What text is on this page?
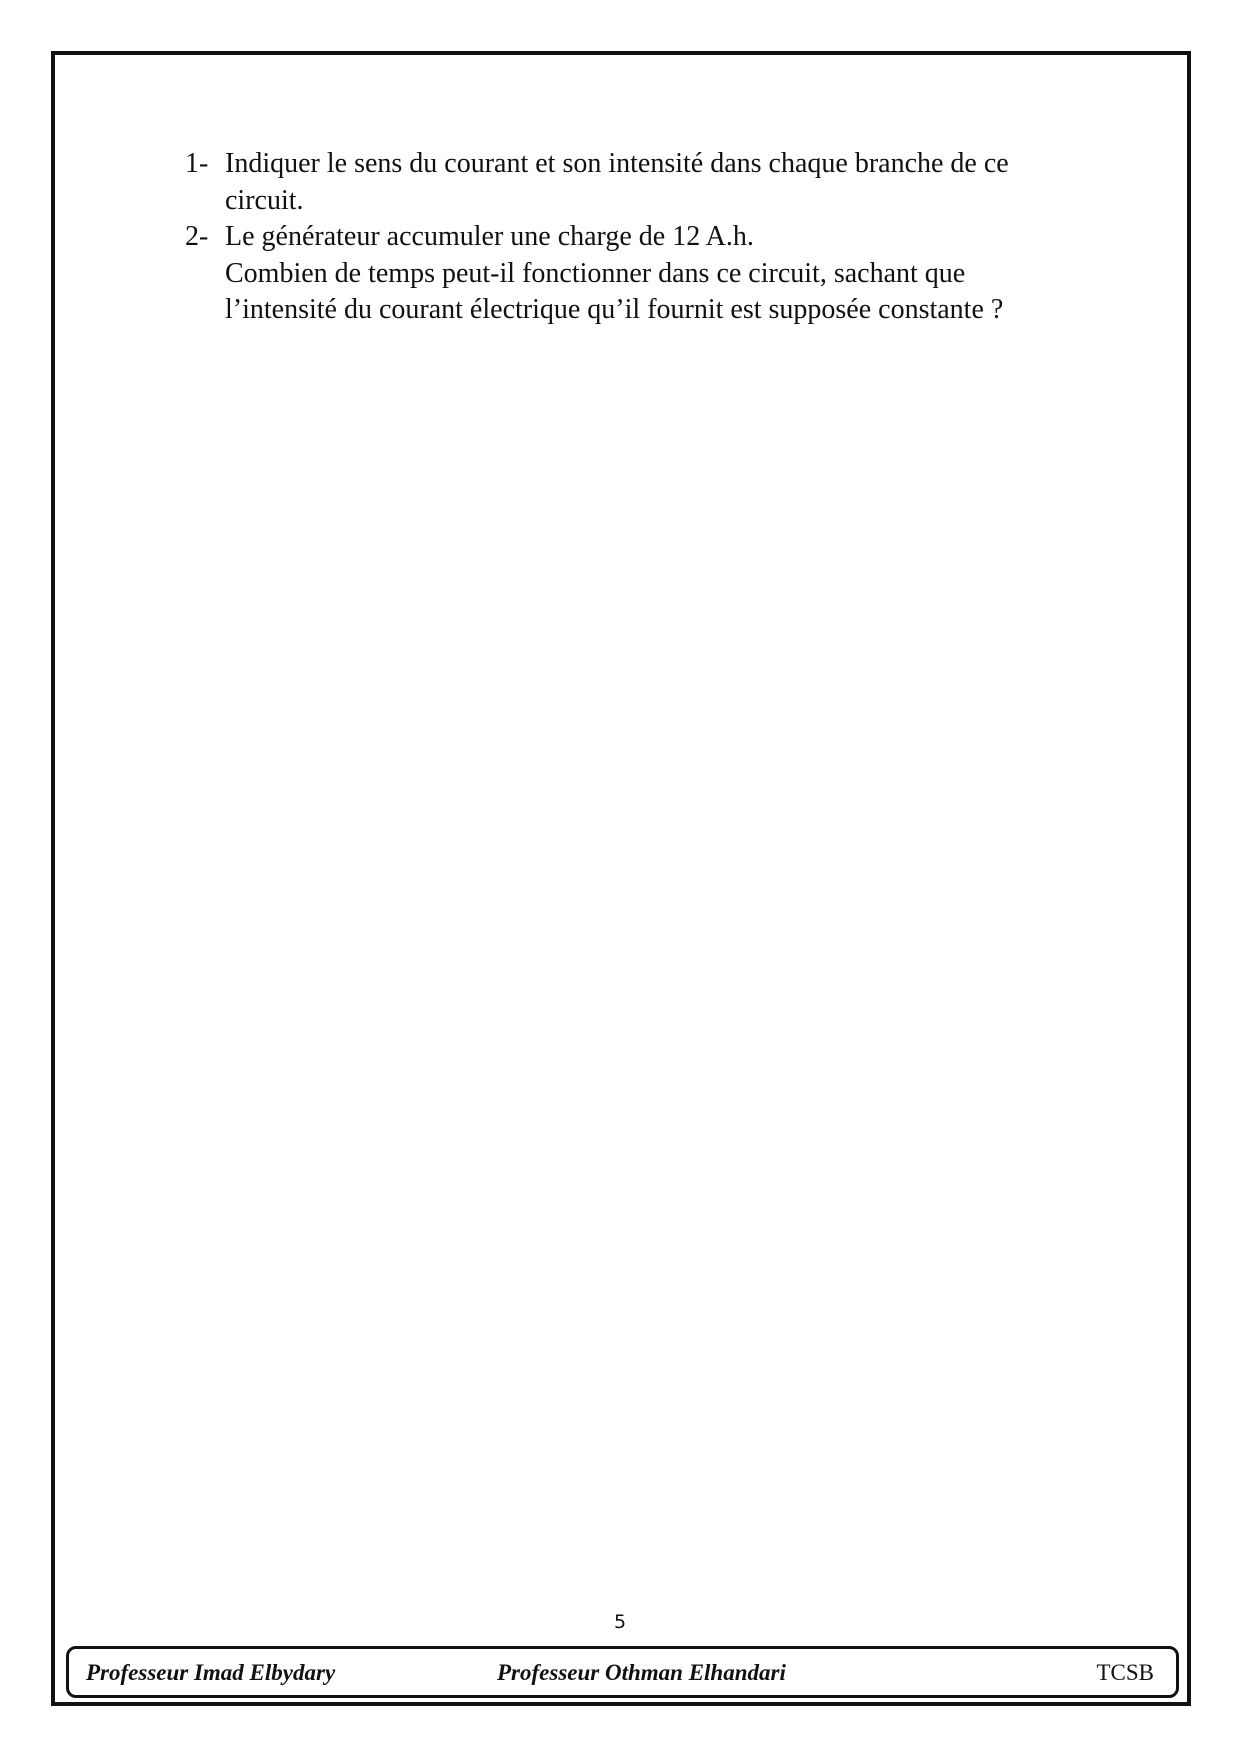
1- Indiquer le sens du courant et son intensité dans chaque branche de ce
circuit.
2- Le générateur accumuler une charge de 12 A.h.
Combien de temps peut-il fonctionner dans ce circuit, sachant que
l’intensité du courant électrique qu’il fournit est supposée constante ?
5
Professeur Imad Elbydary	Professeur Othman Elhandari	TCSB
